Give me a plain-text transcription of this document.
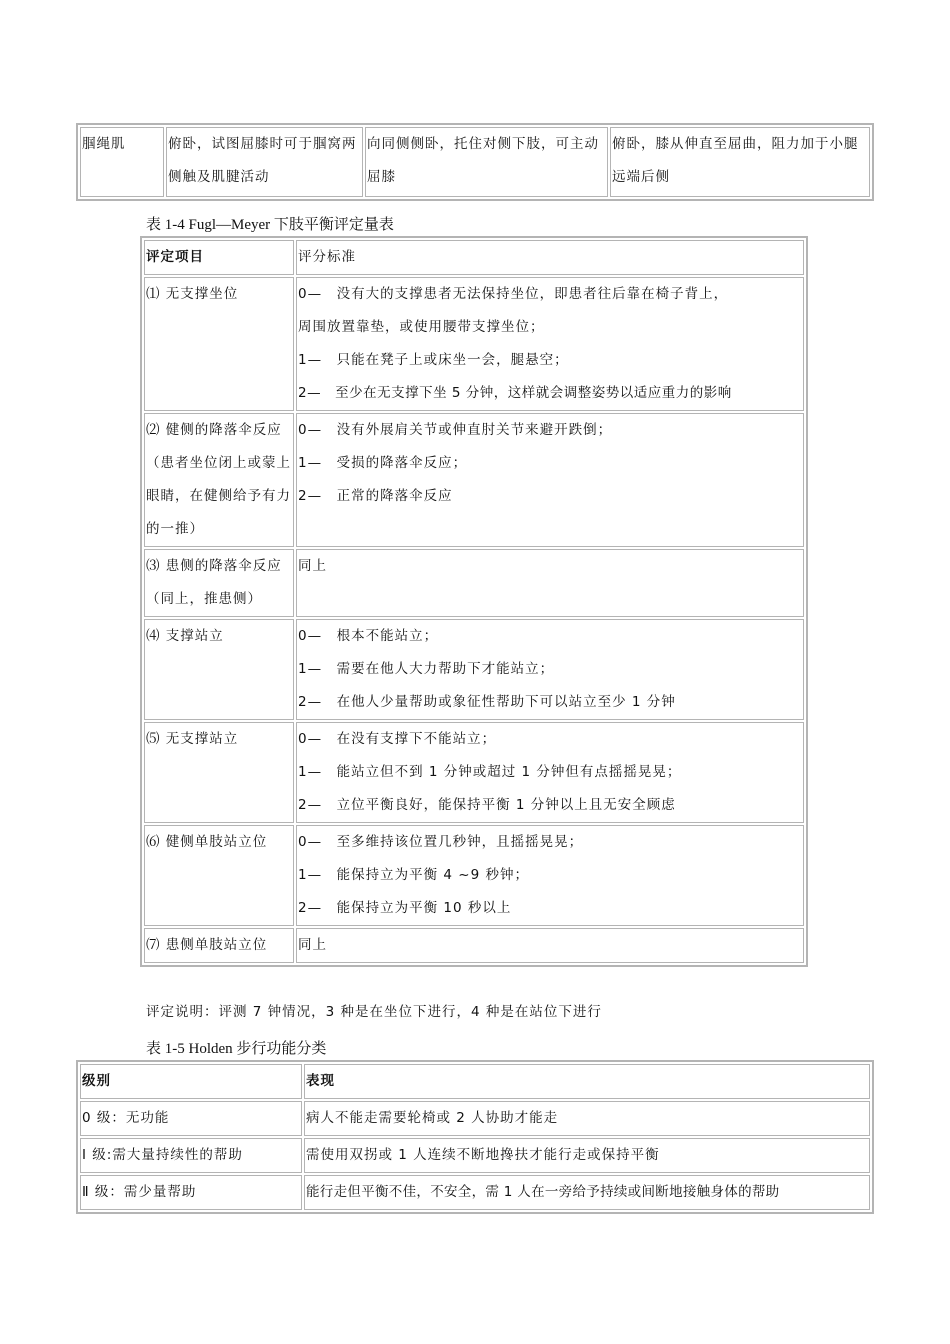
腘绳肌	俯卧，试图屈膝时可于腘窝两侧触及肌腱活动	向同侧侧卧，托住对侧下肢，可主动屈膝	俯卧，膝从伸直至屈曲，阻力加于小腿远端后侧
表 1-4 Fugl—Meyer 下肢平衡评定量表
评定项目	评分标准
⑴ 无支撑坐位	0—　没有大的支撑患者无法保持坐位，即患者往后靠在椅子背上，
周围放置靠垫，或使用腰带支撑坐位；
1—　只能在凳子上或床坐一会，腿悬空；
2—　至少在无支撑下坐 5 分钟，这样就会调整姿势以适应重力的影响

⑵ 健侧的降落伞反应（患者坐位闭上或蒙上眼睛，在健侧给予有力的一推）	0—　没有外展肩关节或伸直肘关节来避开跌倒；
1—　受损的降落伞反应；
2—　正常的降落伞反应

⑶ 患侧的降落伞反应（同上，推患侧）	同上
⑷ 支撑站立	0—　根本不能站立；
1—　需要在他人大力帮助下才能站立；
2—　在他人少量帮助或象征性帮助下可以站立至少 1 分钟

⑸ 无支撑站立	0—　在没有支撑下不能站立；
1—　能站立但不到 1 分钟或超过 1 分钟但有点摇摇晃晃；
2—　立位平衡良好，能保持平衡 1 分钟以上且无安全顾虑

⑹ 健侧单肢站立位	0—　至多维持该位置几秒钟，且摇摇晃晃；
1—　能保持立为平衡 4 ~9 秒钟；
2—　能保持立为平衡 10 秒以上

⑺ 患侧单肢站立位	同上
评定说明：评测 7 钟情况，3 种是在坐位下进行，4 种是在站位下进行
表 1-5 Holden 步行功能分类
级别	表现
0 级：无功能	病人不能走需要轮椅或 2 人协助才能走
Ⅰ 级:需大量持续性的帮助	需使用双拐或 1 人连续不断地搀扶才能行走或保持平衡
Ⅱ 级：需少量帮助	能行走但平衡不佳，不安全，需 1 人在一旁给予持续或间断地接触身体的帮助
